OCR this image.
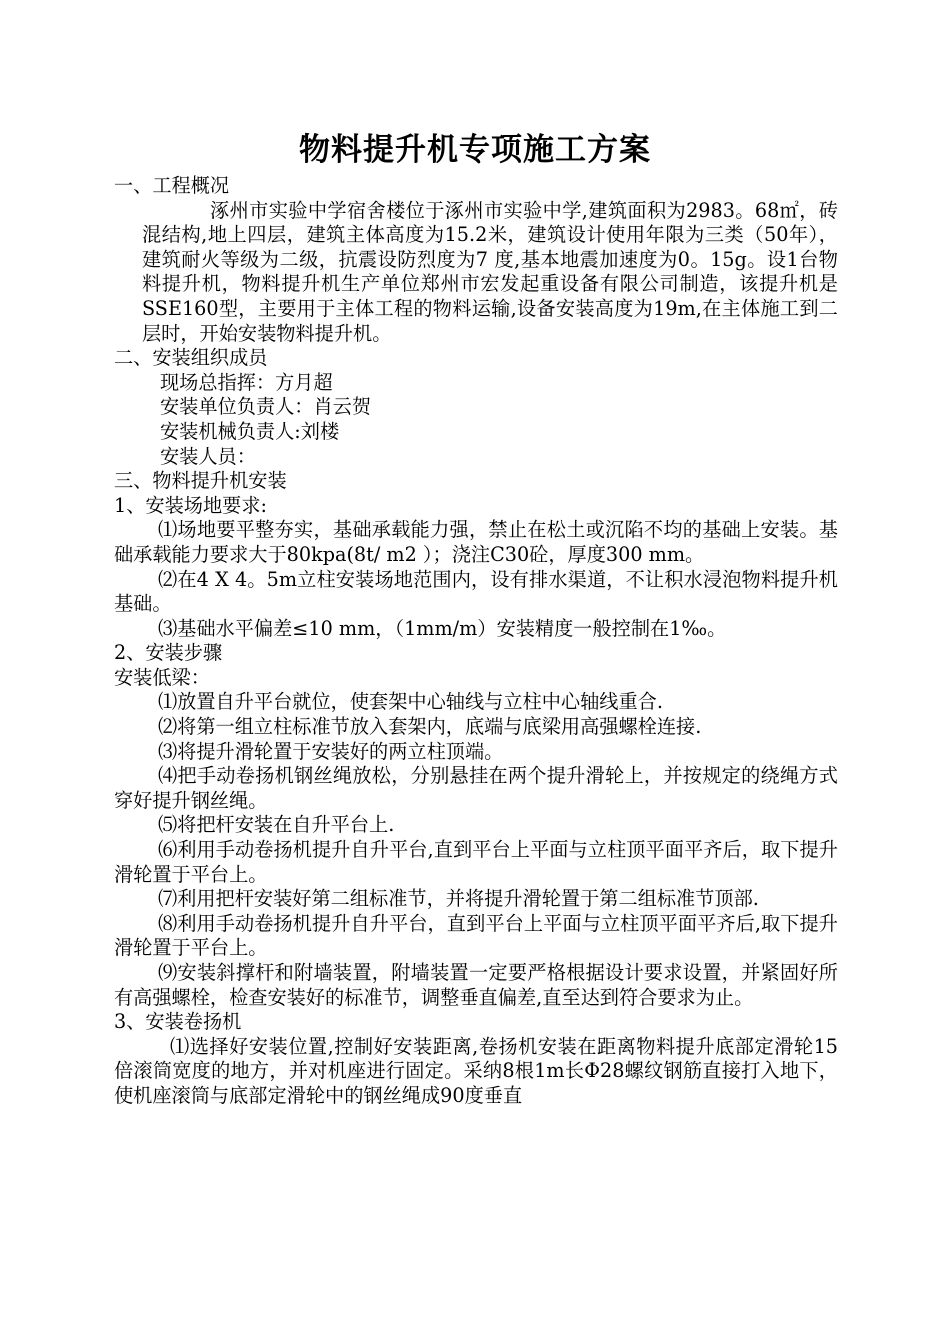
物料提升机专项施工方案

一、工程概况

涿州市实验中学宿舍楼位于涿州市实验中学,建筑面积为2983。68㎡，砖混结构,地上四层，建筑主体高度为15.2米，建筑设计使用年限为三类（50年），建筑耐火等级为二级，抗震设防烈度为7 度,基本地震加速度为0。15g。设1台物料提升机，物料提升机生产单位郑州市宏发起重设备有限公司制造，该提升机是SSE160型，主要用于主体工程的物料运输,设备安装高度为19m,在主体施工到二层时，开始安装物料提升机。

二、安装组织成员

现场总指挥：方月超

安装单位负责人：肖云贺

安装机械负责人:刘楼

安装人员：

三、物料提升机安装

1、安装场地要求:

⑴场地要平整夯实，基础承载能力强，禁止在松土或沉陷不均的基础上安装。基础承载能力要求大于80kpa(8t/ m2 ）；浇注C30砼，厚度300 mm。

⑵在4 X 4。5m立柱安装场地范围内，设有排水渠道，不让积水浸泡物料提升机基础。

⑶基础水平偏差≤10 mm，（1mm/m）安装精度一般控制在1‰。

2、安装步骤

安装低梁：

⑴放置自升平台就位，使套架中心轴线与立柱中心轴线重合.

⑵将第一组立柱标准节放入套架内，底端与底梁用高强螺栓连接.

⑶将提升滑轮置于安装好的两立柱顶端。

⑷把手动卷扬机钢丝绳放松，分别悬挂在两个提升滑轮上，并按规定的绕绳方式穿好提升钢丝绳。

⑸将把杆安装在自升平台上.

⑹利用手动卷扬机提升自升平台,直到平台上平面与立柱顶平面平齐后，取下提升滑轮置于平台上。

⑺利用把杆安装好第二组标准节，并将提升滑轮置于第二组标准节顶部.

⑻利用手动卷扬机提升自升平台，直到平台上平面与立柱顶平面平齐后,取下提升滑轮置于平台上。

⑼安装斜撑杆和附墙装置，附墙装置一定要严格根据设计要求设置，并紧固好所有高强螺栓，检查安装好的标准节，调整垂直偏差,直至达到符合要求为止。

3、安装卷扬机

⑴选择好安装位置,控制好安装距离,卷扬机安装在距离物料提升底部定滑轮15倍滚筒宽度的地方，并对机座进行固定。采纳8根1m长Φ28螺纹钢筋直接打入地下，使机座滚筒与底部定滑轮中的钢丝绳成90度垂直
